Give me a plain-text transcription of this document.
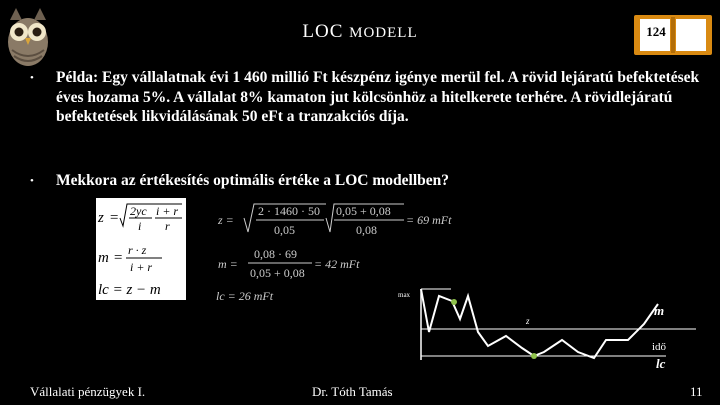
LOC MODELL	124
• Példa: Egy vállalatnak évi 1 460 millió Ft készpénz igénye merül fel. A rövid lejáratú befektetések éves hozama 5%. A vállalat 8% kamaton jut kölcsönhöz a hitelkerete terhére. A rövidlejáratú befektetések likvidálásának 50 eFt a tranzakciós díja.
• Mekkora az értékesítés optimális értéke a LOC modellben?
z = 2yc
i
i + r
r
m = r · z
i + r
lc = z − m
z =
2 · 1460 · 50
0,05
0,05 + 0,08
0,08
= 69 mFt
m =
0,08 · 69
0,05 + 0,08
= 42 mFt
lc = 26 mFt	max
z
m
idő
lc
Vállalati pénzügyek I.	Dr. Tóth Tamás	11
